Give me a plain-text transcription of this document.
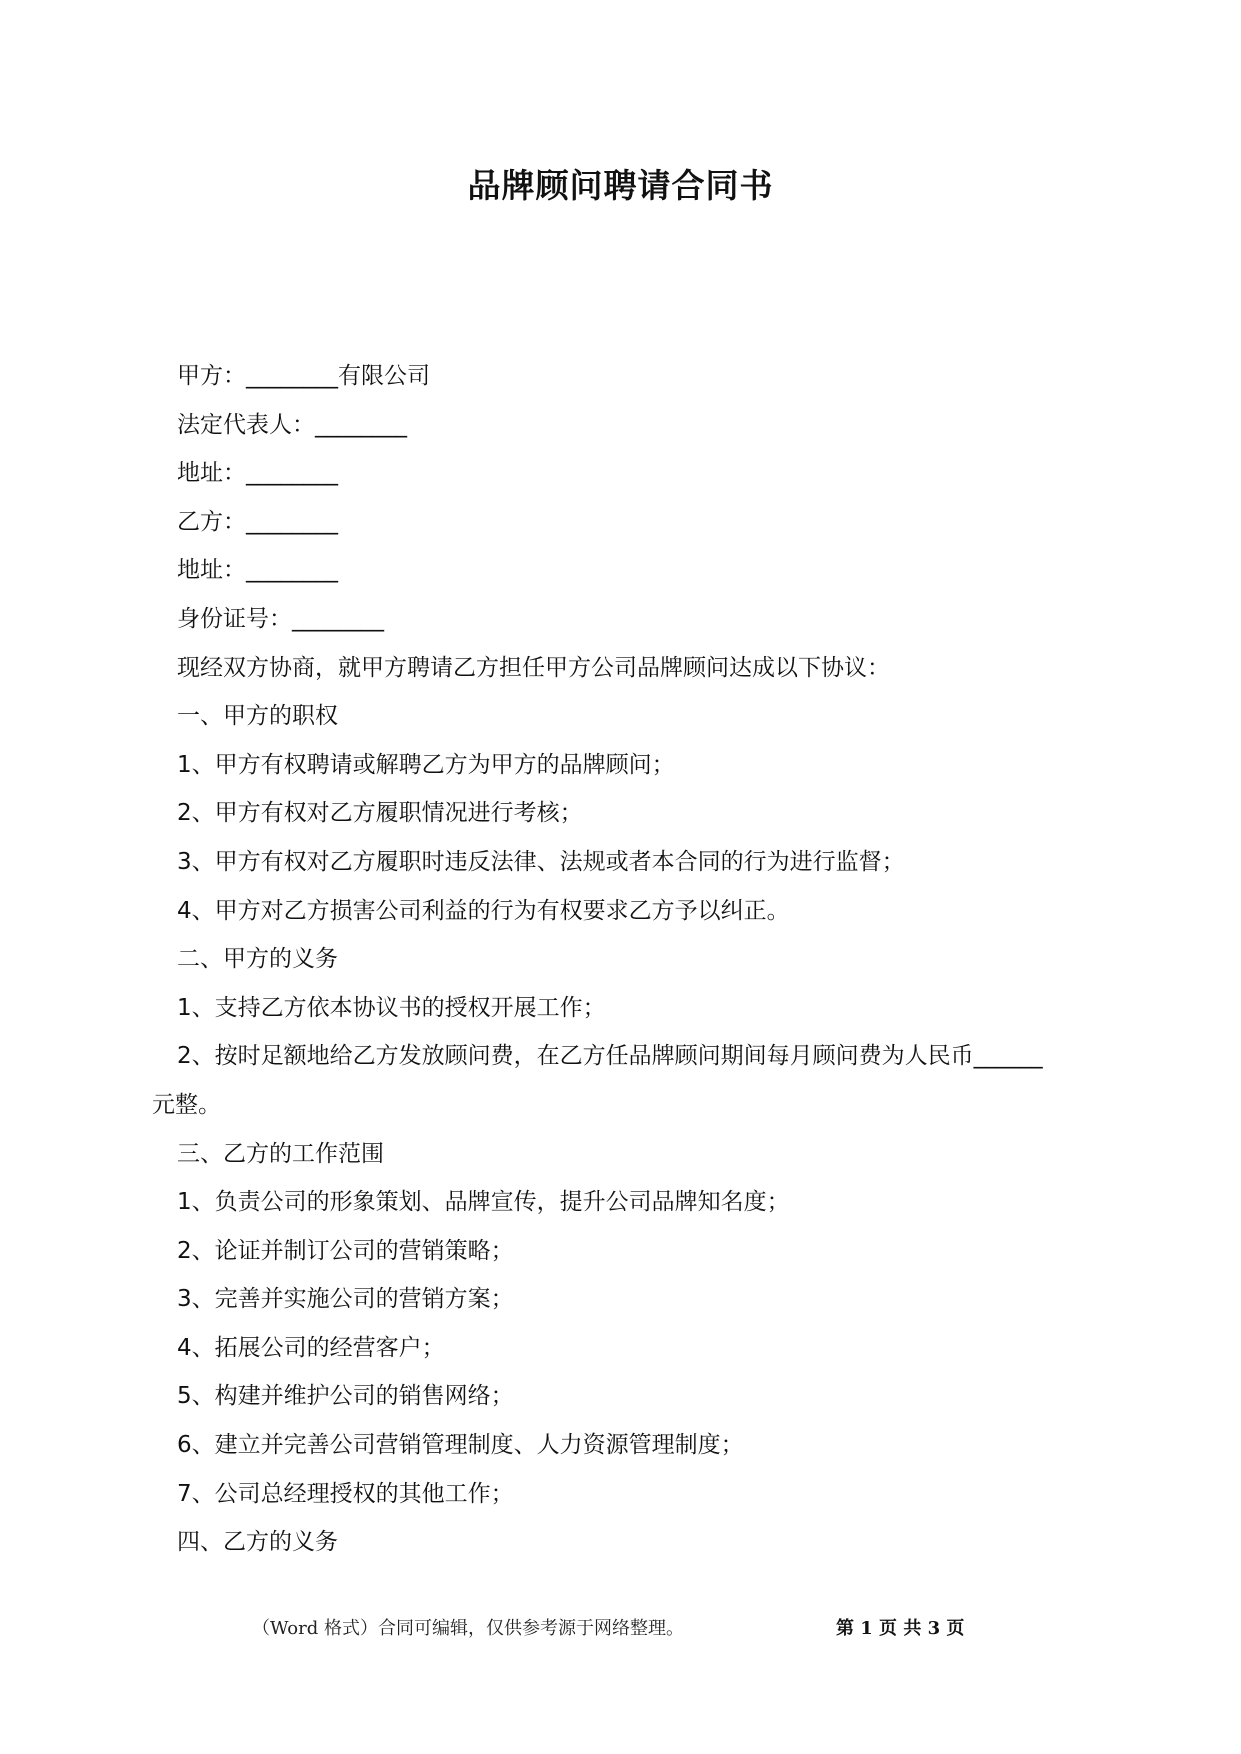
品牌顾问聘请合同书

甲方：________有限公司

法定代表人：________

地址：________

乙方：________

地址：________

身份证号：________

现经双方协商，就甲方聘请乙方担任甲方公司品牌顾问达成以下协议：

一、甲方的职权

1、甲方有权聘请或解聘乙方为甲方的品牌顾问；

2、甲方有权对乙方履职情况进行考核；

3、甲方有权对乙方履职时违反法律、法规或者本合同的行为进行监督；

4、甲方对乙方损害公司利益的行为有权要求乙方予以纠正。

二、甲方的义务

1、支持乙方依本协议书的授权开展工作；

2、按时足额地给乙方发放顾问费，在乙方任品牌顾问期间每月顾问费为人民币______

元整。

三、乙方的工作范围

1、负责公司的形象策划、品牌宣传，提升公司品牌知名度；

2、论证并制订公司的营销策略；

3、完善并实施公司的营销方案；

4、拓展公司的经营客户；

5、构建并维护公司的销售网络；

6、建立并完善公司营销管理制度、人力资源管理制度；

7、公司总经理授权的其他工作；

四、乙方的义务

（Word 格式）合同可编辑，仅供参考源于网络整理。	第 1 页 共 3 页
